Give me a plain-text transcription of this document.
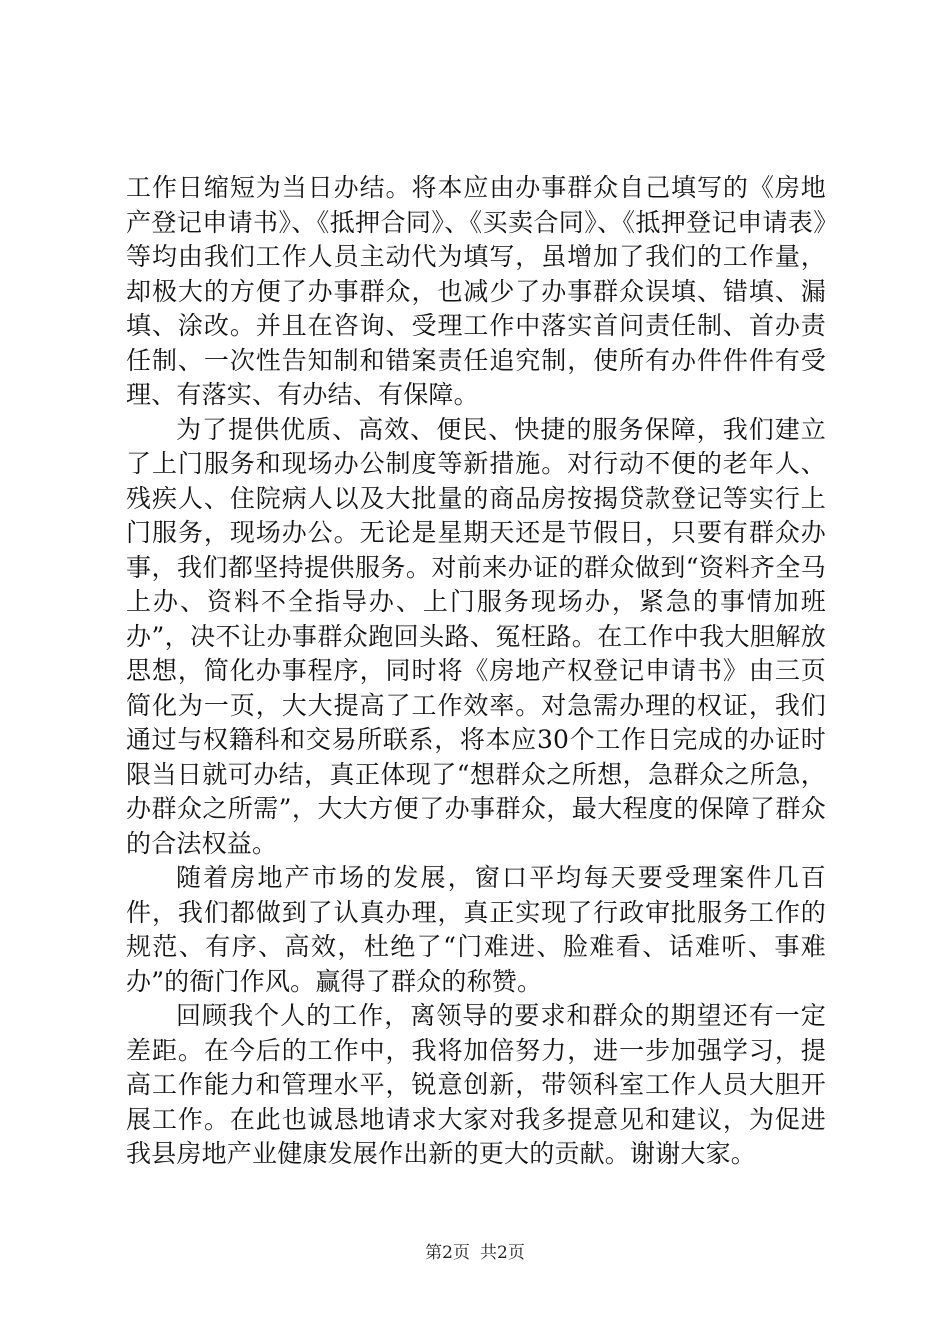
工作日缩短为当日办结。将本应由办事群众自己填写的《房地产登记申请书》、《抵押合同》、《买卖合同》、《抵押登记申请表》等均由我们工作人员主动代为填写，虽增加了我们的工作量，却极大的方便了办事群众，也减少了办事群众误填、错填、漏填、涂改。并且在咨询、受理工作中落实首问责任制、首办责任制、一次性告知制和错案责任追究制，使所有办件件件有受理、有落实、有办结、有保障。

为了提供优质、高效、便民、快捷的服务保障，我们建立了上门服务和现场办公制度等新措施。对行动不便的老年人、残疾人、住院病人以及大批量的商品房按揭贷款登记等实行上门服务，现场办公。无论是星期天还是节假日，只要有群众办事，我们都坚持提供服务。对前来办证的群众做到“资料齐全马上办、资料不全指导办、上门服务现场办，紧急的事情加班办”，决不让办事群众跑回头路、冤枉路。在工作中我大胆解放思想，简化办事程序，同时将《房地产权登记申请书》由三页简化为一页，大大提高了工作效率。对急需办理的权证，我们通过与权籍科和交易所联系，将本应30个工作日完成的办证时限当日就可办结，真正体现了“想群众之所想，急群众之所急，办群众之所需”，大大方便了办事群众，最大程度的保障了群众的合法权益。

随着房地产市场的发展，窗口平均每天要受理案件几百件，我们都做到了认真办理，真正实现了行政审批服务工作的规范、有序、高效，杜绝了“门难进、脸难看、话难听、事难办”的衙门作风。赢得了群众的称赞。

回顾我个人的工作，离领导的要求和群众的期望还有一定差距。在今后的工作中，我将加倍努力，进一步加强学习，提高工作能力和管理水平，锐意创新，带领科室工作人员大胆开展工作。在此也诚恳地请求大家对我多提意见和建议，为促进我县房地产业健康发展作出新的更大的贡献。谢谢大家。

第2页 共2页
